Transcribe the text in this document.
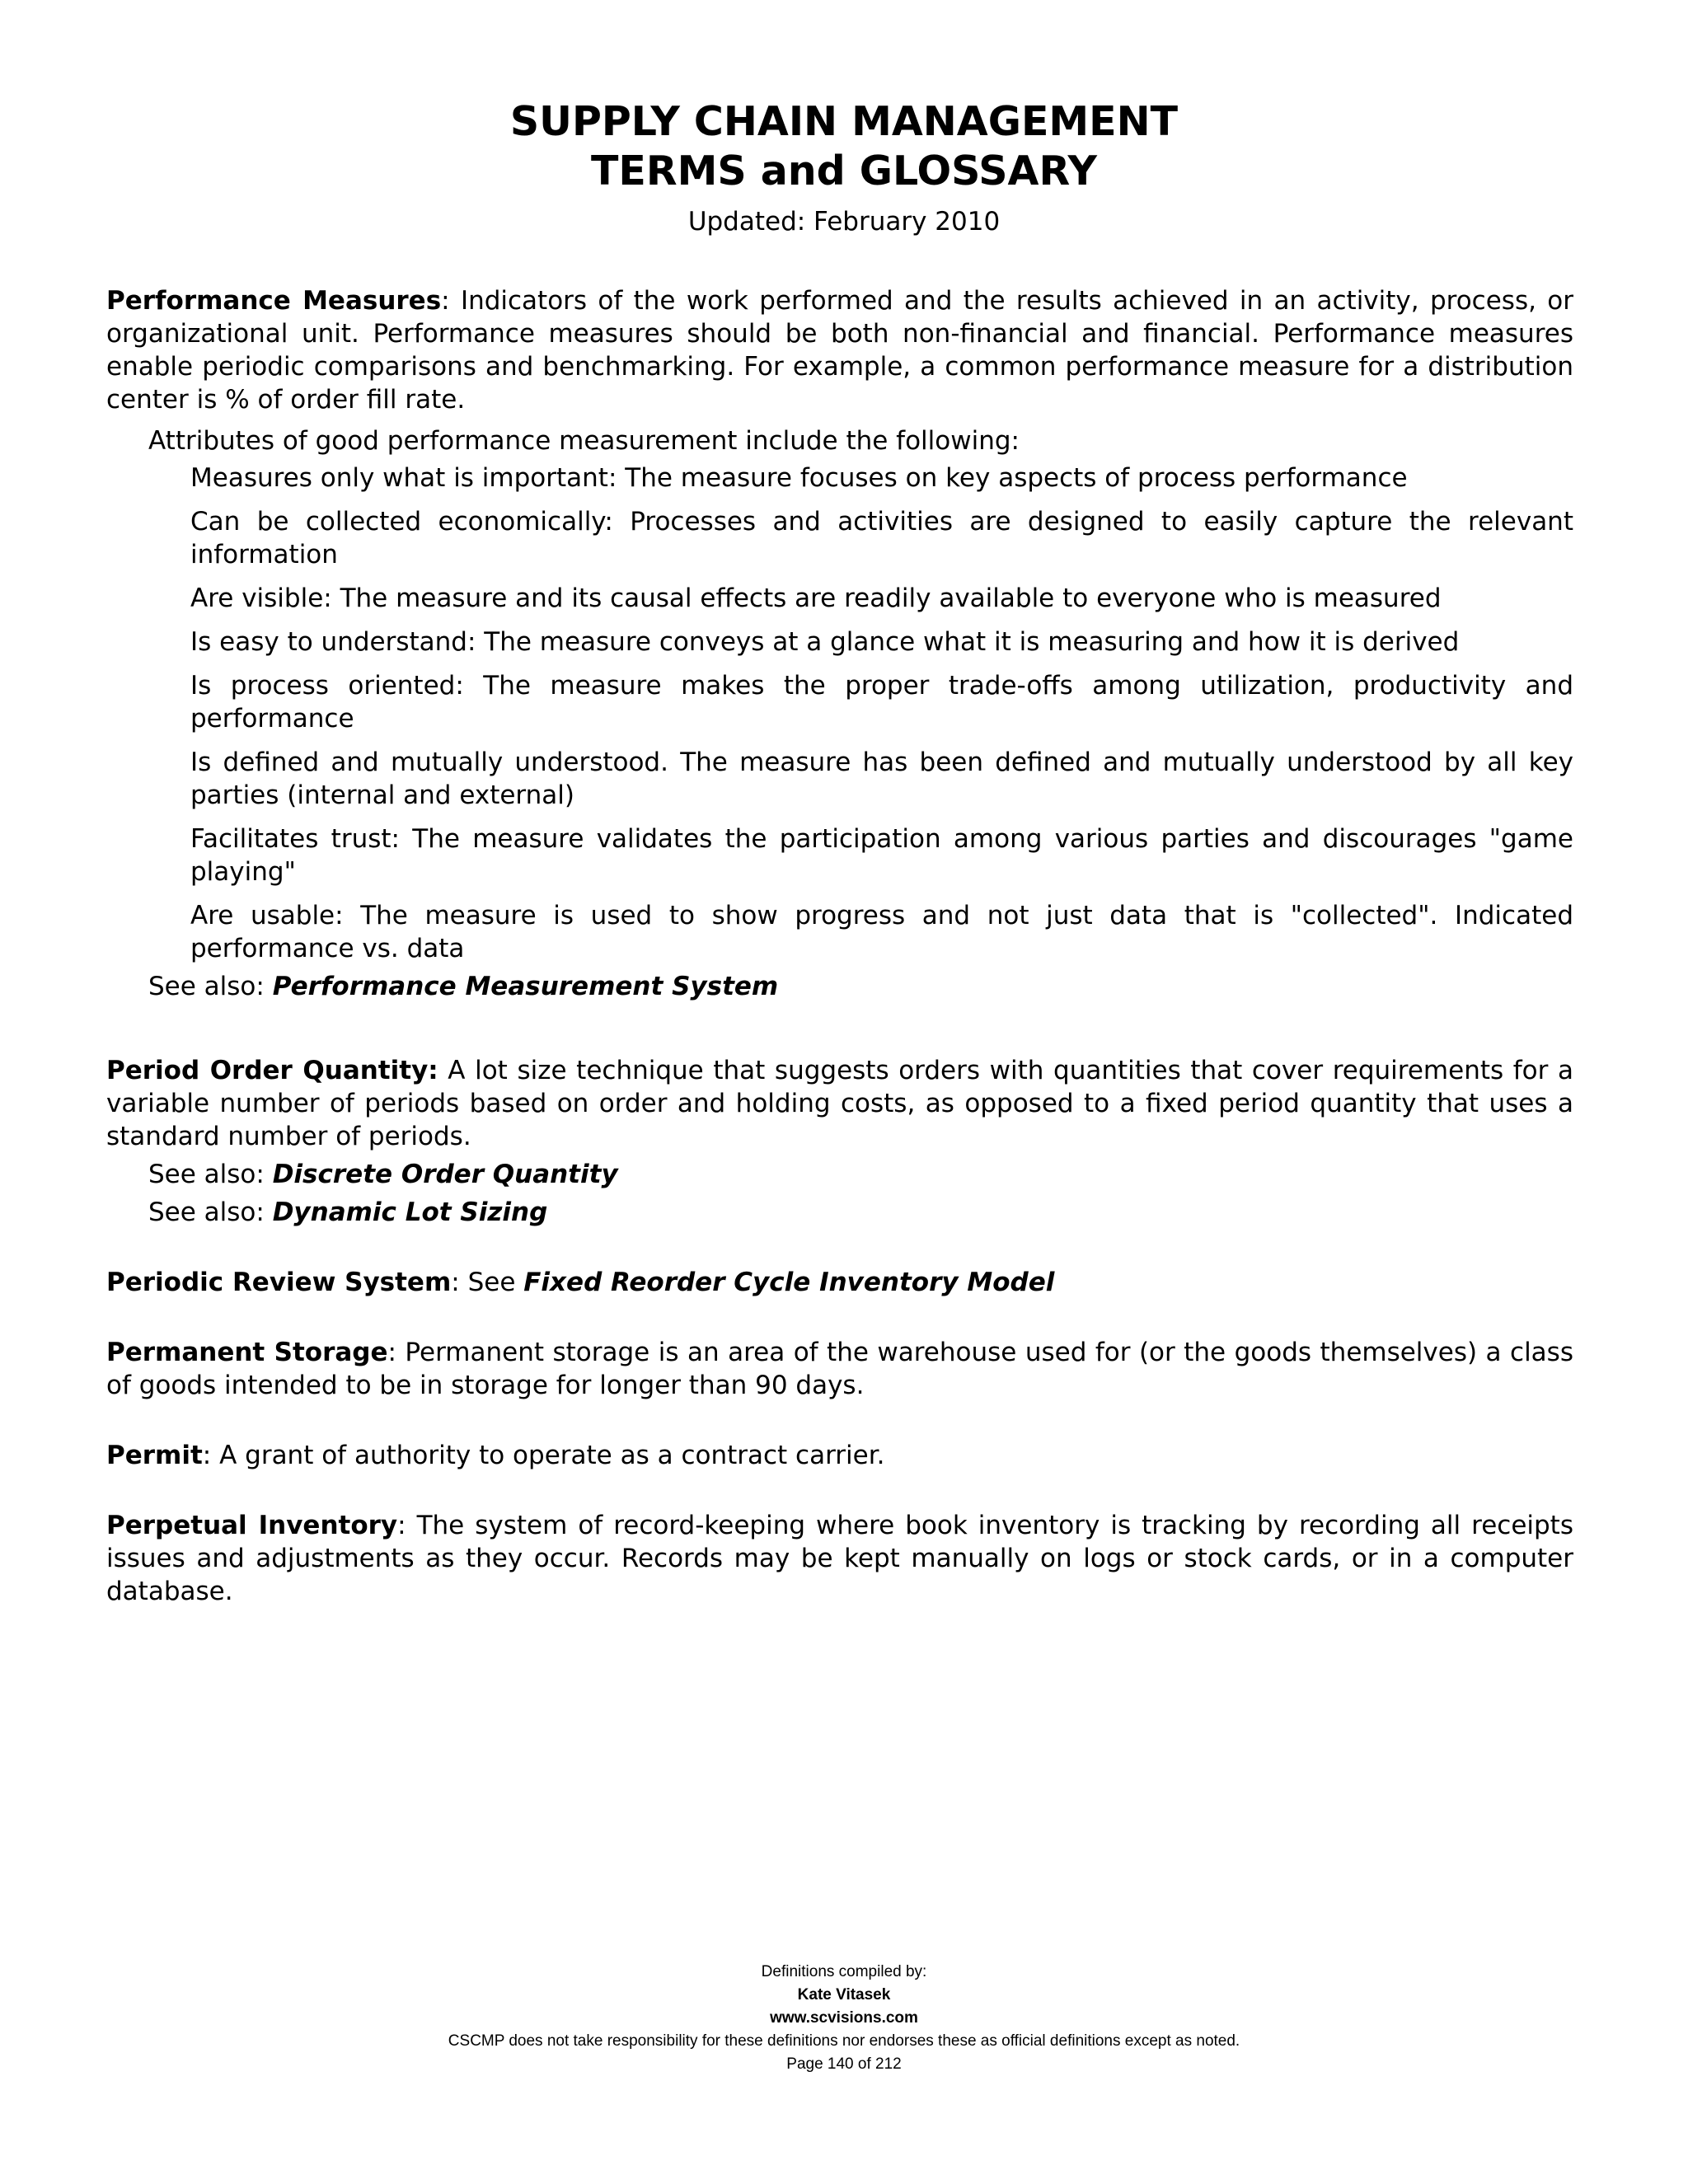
SUPPLY CHAIN MANAGEMENT
TERMS and GLOSSARY
Updated: February 2010

Performance Measures: Indicators of the work performed and the results achieved in an activity, process, or organizational unit. Performance measures should be both non-financial and financial. Performance measures enable periodic comparisons and benchmarking. For example, a common performance measure for a distribution center is % of order fill rate.

Attributes of good performance measurement include the following:
Measures only what is important: The measure focuses on key aspects of process performance
Can be collected economically: Processes and activities are designed to easily capture the relevant information
Are visible: The measure and its causal effects are readily available to everyone who is measured
Is easy to understand: The measure conveys at a glance what it is measuring and how it is derived
Is process oriented: The measure makes the proper trade-offs among utilization, productivity and performance
Is defined and mutually understood. The measure has been defined and mutually understood by all key parties (internal and external)
Facilitates trust: The measure validates the participation among various parties and discourages "game playing"
Are usable: The measure is used to show progress and not just data that is "collected". Indicated performance vs. data
See also: Performance Measurement System

Period Order Quantity: A lot size technique that suggests orders with quantities that cover requirements for a variable number of periods based on order and holding costs, as opposed to a fixed period quantity that uses a standard number of periods.

See also: Discrete Order Quantity
See also: Dynamic Lot Sizing

Periodic Review System: See Fixed Reorder Cycle Inventory Model

Permanent Storage: Permanent storage is an area of the warehouse used for (or the goods themselves) a class of goods intended to be in storage for longer than 90 days.

Permit: A grant of authority to operate as a contract carrier.

Perpetual Inventory: The system of record-keeping where book inventory is tracking by recording all receipts issues and adjustments as they occur. Records may be kept manually on logs or stock cards, or in a computer database.

Definitions compiled by:
Kate Vitasek
www.scvisions.com
CSCMP does not take responsibility for these definitions nor endorses these as official definitions except as noted.
Page 140 of 212
